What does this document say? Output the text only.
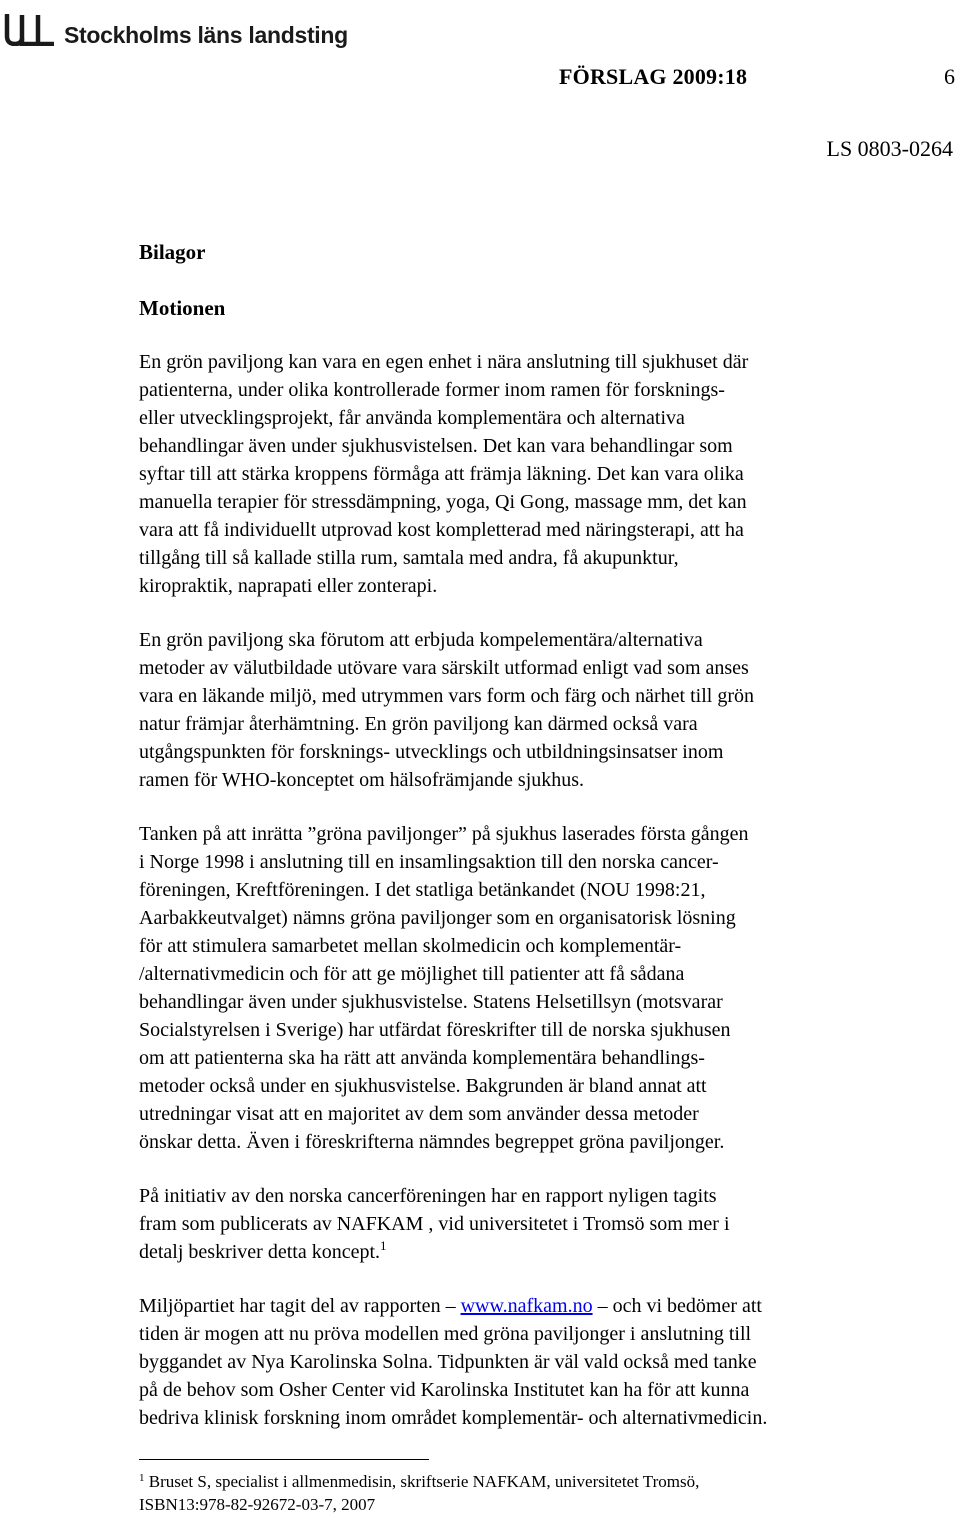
Stockholms läns landsting
FÖRSLAG 2009:18	6
LS 0803-0264
Bilagor
Motionen

En grön paviljong kan vara en egen enhet i nära anslutning till sjukhuset där
patienterna, under olika kontrollerade former inom ramen för forsknings-
eller utvecklingsprojekt, får använda komplementära och alternativa
behandlingar även under sjukhusvistelsen. Det kan vara behandlingar som
syftar till att stärka kroppens förmåga att främja läkning. Det kan vara olika
manuella terapier för stressdämpning, yoga, Qi Gong, massage mm, det kan
vara att få individuellt utprovad kost kompletterad med näringsterapi, att ha
tillgång till så kallade stilla rum, samtala med andra, få akupunktur,
kiropraktik, naprapati eller zonterapi.

En grön paviljong ska förutom att erbjuda kompelementära/alternativa
metoder av välutbildade utövare vara särskilt utformad enligt vad som anses
vara en läkande miljö, med utrymmen vars form och färg och närhet till grön
natur främjar återhämtning. En grön paviljong kan därmed också vara
utgångspunkten för forsknings- utvecklings och utbildningsinsatser inom
ramen för WHO-konceptet om hälsofrämjande sjukhus.

Tanken på att inrätta ”gröna paviljonger” på sjukhus laserades första gången
i Norge 1998 i anslutning till en insamlingsaktion till den norska cancer-
föreningen, Kreftföreningen. I det statliga betänkandet (NOU 1998:21,
Aarbakkeutvalget) nämns gröna paviljonger som en organisatorisk lösning
för att stimulera samarbetet mellan skolmedicin och komplementär-
/alternativmedicin och för att ge möjlighet till patienter att få sådana
behandlingar även under sjukhusvistelse. Statens Helsetillsyn (motsvarar
Socialstyrelsen i Sverige) har utfärdat föreskrifter till de norska sjukhusen
om att patienterna ska ha rätt att använda komplementära behandlings-
metoder också under en sjukhusvistelse. Bakgrunden är bland annat att
utredningar visat att en majoritet av dem som använder dessa metoder
önskar detta. Även i föreskrifterna nämndes begreppet gröna paviljonger.

På initiativ av den norska cancerföreningen har en rapport nyligen tagits
fram som publicerats av NAFKAM , vid universitetet i Tromsö som mer i
detalj beskriver detta koncept.$^1$

Miljöpartiet har tagit del av rapporten – www.nafkam.no – och vi bedömer att
tiden är mogen att nu pröva modellen med gröna paviljonger i anslutning till
byggandet av Nya Karolinska Solna. Tidpunkten är väl vald också med tanke
på de behov som Osher Center vid Karolinska Institutet kan ha för att kunna
bedriva klinisk forskning inom området komplementär- och alternativmedicin.

$^1$ Bruset S, specialist i allmenmedisin, skriftserie NAFKAM, universitetet Tromsö,
ISBN13:978-82-92672-03-7, 2007
